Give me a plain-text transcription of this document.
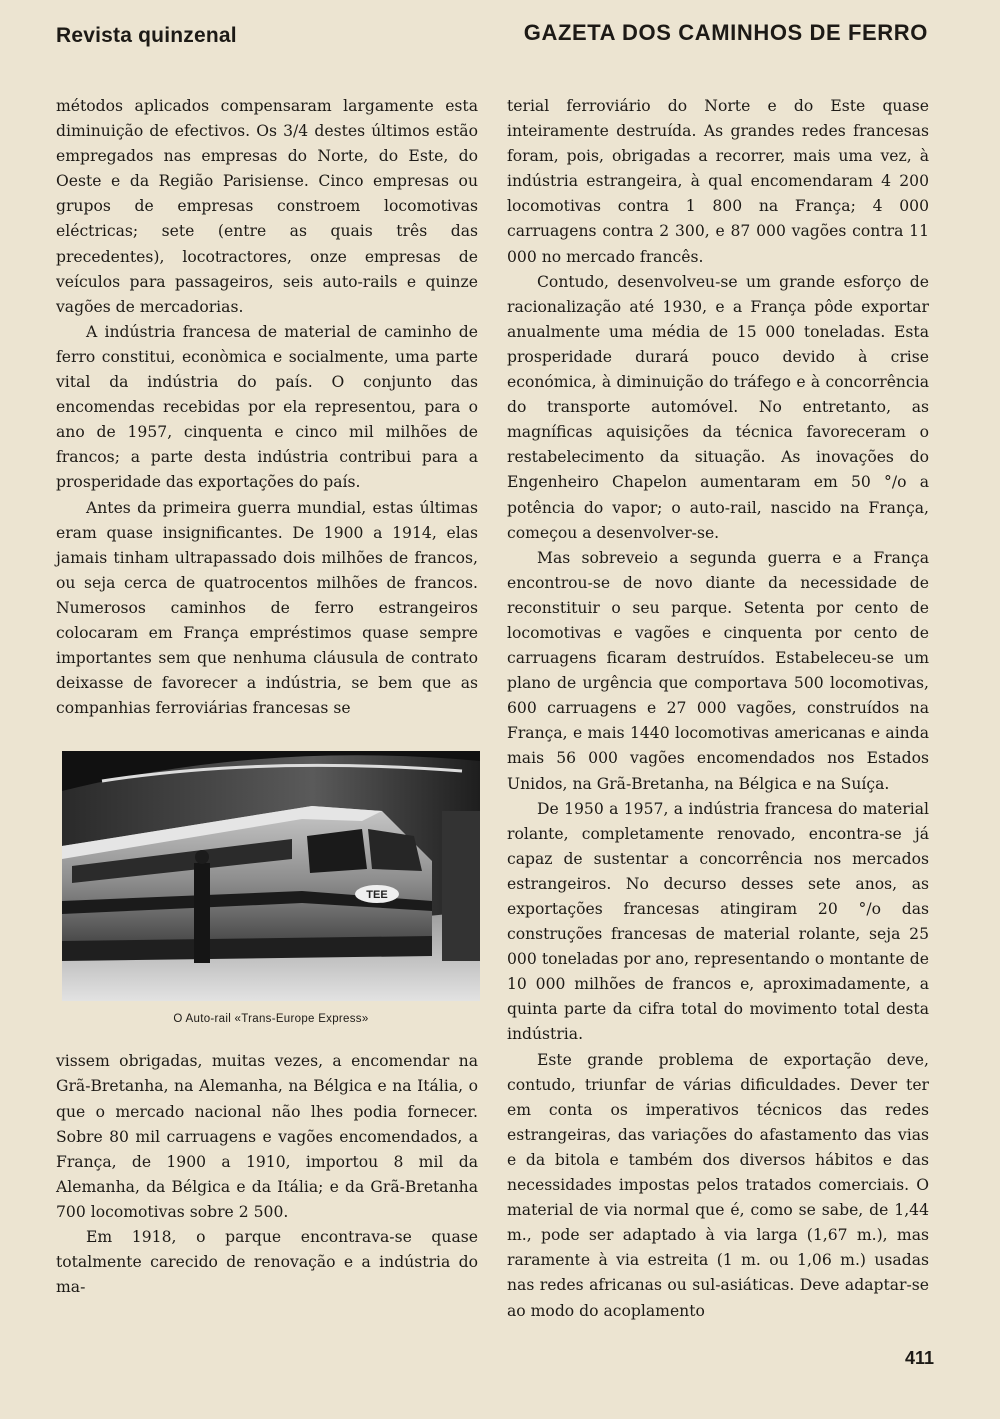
Revista quinzenal	GAZETA DOS CAMINHOS DE FERRO

métodos aplicados compensaram largamente esta diminuição de efectivos. Os 3/4 destes últimos estão empregados nas empresas do Norte, do Este, do Oeste e da Região Parisiense. Cinco empresas ou grupos de empresas constroem locomotivas eléctricas; sete (entre as quais três das precedentes), locotractores, onze empresas de veículos para passageiros, seis auto-rails e quinze vagões de mercadorias.

A indústria francesa de material de caminho de ferro constitui, econòmica e socialmente, uma parte vital da indústria do país. O conjunto das encomendas recebidas por ela representou, para o ano de 1957, cinquenta e cinco mil milhões de francos; a parte desta indústria contribui para a prosperidade das exportações do país.

Antes da primeira guerra mundial, estas últimas eram quase insignificantes. De 1900 a 1914, elas jamais tinham ultrapassado dois milhões de francos, ou seja cerca de quatrocentos milhões de francos. Numerosos caminhos de ferro estrangeiros colocaram em França empréstimos quase sempre importantes sem que nenhuma cláusula de contrato deixasse de favorecer a indústria, se bem que as companhias ferroviárias francesas se

TEE
O Auto-rail «Trans-Europe Express»

vissem obrigadas, muitas vezes, a encomendar na Grã-Bretanha, na Alemanha, na Bélgica e na Itália, o que o mercado nacional não lhes podia fornecer. Sobre 80 mil carruagens e vagões encomendados, a França, de 1900 a 1910, importou 8 mil da Alemanha, da Bélgica e da Itália; e da Grã-Bretanha 700 locomotivas sobre 2 500.

Em 1918, o parque encontrava-se quase totalmente carecido de renovação e a indústria do ma-

terial ferroviário do Norte e do Este quase inteiramente destruída. As grandes redes francesas foram, pois, obrigadas a recorrer, mais uma vez, à indústria estrangeira, à qual encomendaram 4 200 locomotivas contra 1 800 na França; 4 000 carruagens contra 2 300, e 87 000 vagões contra 11 000 no mercado francês.

Contudo, desenvolveu-se um grande esforço de racionalização até 1930, e a França pôde exportar anualmente uma média de 15 000 toneladas. Esta prosperidade durará pouco devido à crise económica, à diminuição do tráfego e à concorrência do transporte automóvel. No entretanto, as magníficas aquisições da técnica favoreceram o restabelecimento da situação. As inovações do Engenheiro Chapelon aumentaram em 50 °/o a potência do vapor; o auto-rail, nascido na França, começou a desenvolver-se.

Mas sobreveio a segunda guerra e a França encontrou-se de novo diante da necessidade de reconstituir o seu parque. Setenta por cento de locomotivas e vagões e cinquenta por cento de carruagens ficaram destruídos. Estabeleceu-se um plano de urgência que comportava 500 locomotivas, 600 carruagens e 27 000 vagões, construídos na França, e mais 1440 locomotivas americanas e ainda mais 56 000 vagões encomendados nos Estados Unidos, na Grã-Bretanha, na Bélgica e na Suíça.

De 1950 a 1957, a indústria francesa do material rolante, completamente renovado, encontra-se já capaz de sustentar a concorrência nos mercados estrangeiros. No decurso desses sete anos, as exportações francesas atingiram 20 °/o das construções francesas de material rolante, seja 25 000 toneladas por ano, representando o montante de 10 000 milhões de francos e, aproximadamente, a quinta parte da cifra total do movimento total desta indústria.

Este grande problema de exportação deve, contudo, triunfar de várias dificuldades. Dever ter em conta os imperativos técnicos das redes estrangeiras, das variações do afastamento das vias e da bitola e também dos diversos hábitos e das necessidades impostas pelos tratados comerciais. O material de via normal que é, como se sabe, de 1,44 m., pode ser adaptado à via larga (1,67 m.), mas raramente à via estreita (1 m. ou 1,06 m.) usadas nas redes africanas ou sul-asiáticas. Deve adaptar-se ao modo do acoplamento

411
